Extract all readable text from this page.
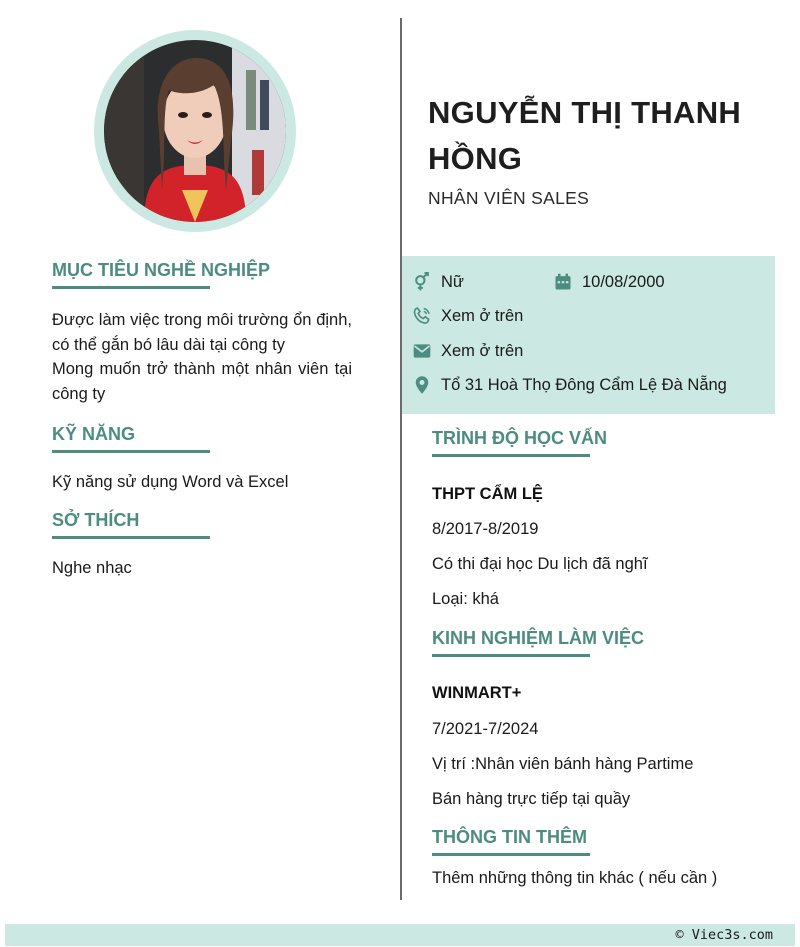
MỤC TIÊU NGHỀ NGHIỆP
Được làm việc trong môi trường ổn định, có thể gắn bó lâu dài tại công ty
Mong muốn trở thành một nhân viên tại công ty
KỸ NĂNG
Kỹ năng sử dụng Word và Excel
SỞ THÍCH
Nghe nhạc
NGUYỄN THỊ THANH HỒNG
NHÂN VIÊN SALES
Nữ	10/08/2000
Xem ở trên
Xem ở trên
Tổ 31 Hoà Thọ Đông Cẩm Lệ Đà Nẵng
TRÌNH ĐỘ HỌC VẤN
THPT CẨM LỆ
8/2017-8/2019
Có thi đại học Du lịch đã nghĩ
Loại: khá
KINH NGHIỆM LÀM VIỆC
WINMART+
7/2021-7/2024
Vị trí :Nhân viên bánh hàng Partime
Bán hàng trực tiếp tại quầy
THÔNG TIN THÊM
Thêm những thông tin khác ( nếu cần )
© Viec3s.com
